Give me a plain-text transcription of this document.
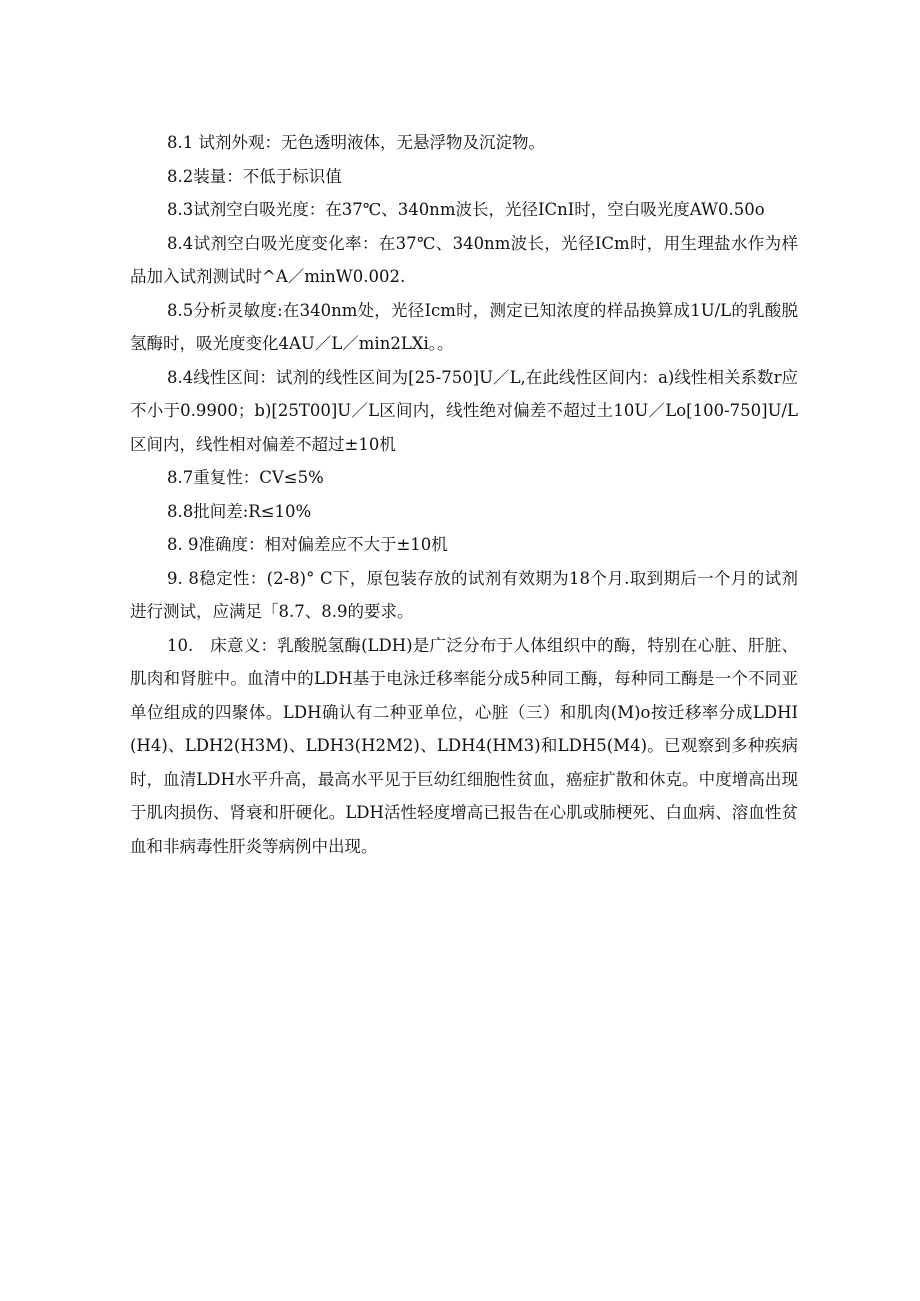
8.1 试剂外观：无色透明液体，无悬浮物及沉淀物。

8.2装量：不低于标识值

8.3试剂空白吸光度：在37℃、340nm波长，光径ICnI时，空白吸光度AW0.50o

8.4试剂空白吸光度变化率：在37℃、340nm波长，光径ICm时，用生理盐水作为样品加入试剂测试时^A／minW0.002.

8.5分析灵敏度:在340nm处，光径Icm时，测定已知浓度的样品换算成1U/L的乳酸脱氢酶时，吸光度变化4AU／L／min2LXi。。

8.4线性区间：试剂的线性区间为[25-750]U／L,在此线性区间内：a)线性相关系数r应不小于0.9900；b)[25T00]U／L区间内，线性绝对偏差不超过土10U／Lo[100-750]U/L区间内，线性相对偏差不超过±10机

8.7重复性：CV≤5%

8.8批间差:R≤10%

8. 9准确度：相对偏差应不大于±10机

9. 8稳定性：(2-8)° C下，原包装存放的试剂有效期为18个月.取到期后一个月的试剂进行测试，应满足「8.7、8.9的要求。

10.　床意义：乳酸脱氢酶(LDH)是广泛分布于人体组织中的酶，特别在心脏、肝脏、肌肉和肾脏中。血清中的LDH基于电泳迁移率能分成5种同工酶，每种同工酶是一个不同亚单位组成的四聚体。LDH确认有二种亚单位，心脏（三）和肌肉(M)o按迁移率分成LDHI(H4)、LDH2(H3M)、LDH3(H2M2)、LDH4(HM3)和LDH5(M4)。已观察到多种疾病时，血清LDH水平升高，最高水平见于巨幼红细胞性贫血，癌症扩散和休克。中度增高出现于肌肉损伤、肾衰和肝硬化。LDH活性轻度增高已报告在心肌或肺梗死、白血病、溶血性贫血和非病毒性肝炎等病例中出现。
